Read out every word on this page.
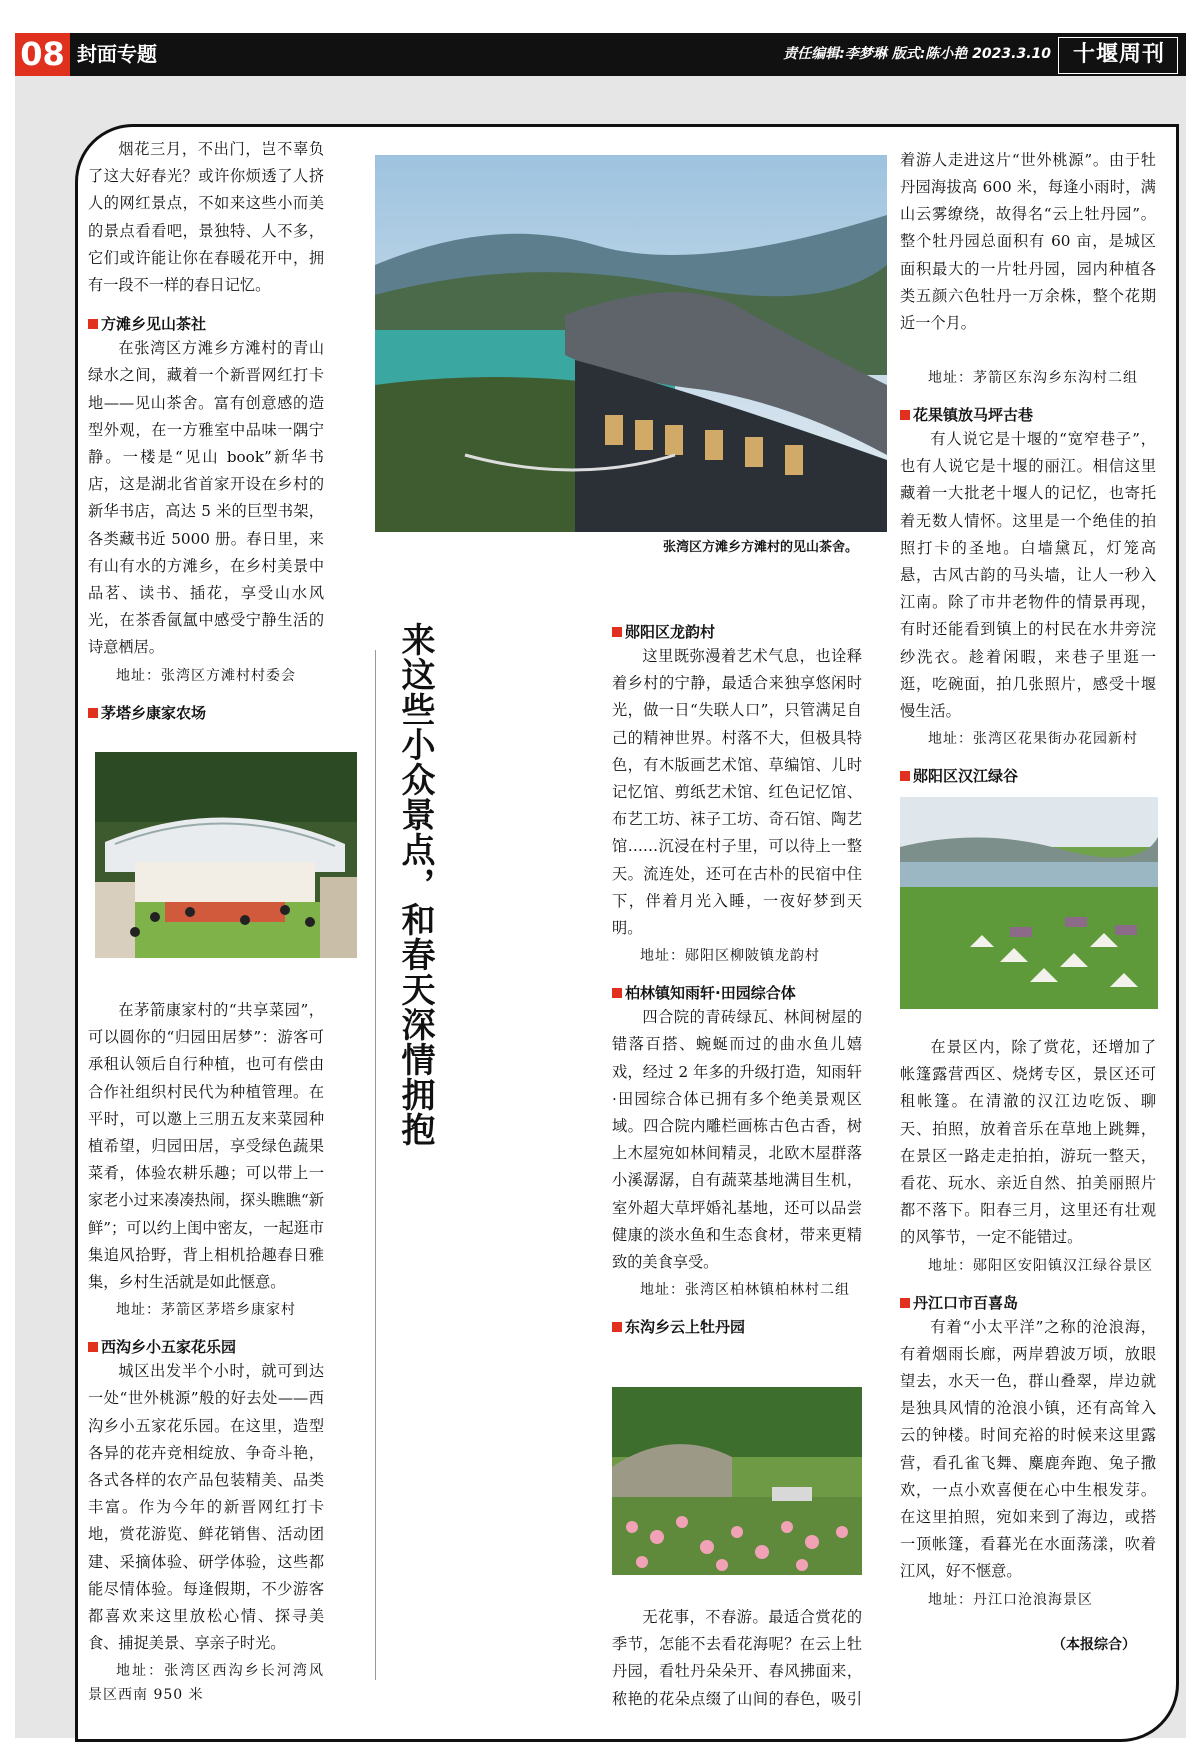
08 封面专题	责任编辑:李梦琳 版式:陈小艳 2023.3.10 十堰周刊

烟花三月，不出门，岂不辜负了这大好春光？或许你烦透了人挤人的网红景点，不如来这些小而美的景点看看吧，景独特、人不多，它们或许能让你在春暖花开中，拥有一段不一样的春日记忆。

方滩乡见山茶社

在张湾区方滩乡方滩村的青山绿水之间，藏着一个新晋网红打卡地——见山茶舍。富有创意感的造型外观，在一方雅室中品味一隅宁静。一楼是“见山 book”新华书店，这是湖北省首家开设在乡村的新华书店，高达 5 米的巨型书架，各类藏书近 5000 册。春日里，来有山有水的方滩乡，在乡村美景中品茗、读书、插花，享受山水风光，在茶香氤氲中感受宁静生活的诗意栖居。

地址：张湾区方滩村村委会
茅塔乡康家农场

在茅箭康家村的“共享菜园”，可以圆你的“归园田居梦”：游客可承租认领后自行种植，也可有偿由合作社组织村民代为种植管理。在平时，可以邀上三朋五友来菜园种植希望，归园田居，享受绿色蔬果菜肴，体验农耕乐趣；可以带上一家老小过来凑凑热闹，探头瞧瞧“新鲜”；可以约上闺中密友，一起逛市集追风拾野，背上相机拾趣春日雅集，乡村生活就是如此惬意。

地址：茅箭区茅塔乡康家村
西沟乡小五家花乐园

城区出发半个小时，就可到达一处“世外桃源”般的好去处——西沟乡小五家花乐园。在这里，造型各异的花卉竞相绽放、争奇斗艳，各式各样的农产品包装精美、品类丰富。作为今年的新晋网红打卡地，赏花游览、鲜花销售、活动团建、采摘体验、研学体验，这些都能尽情体验。每逢假期，不少游客都喜欢来这里放松心情、探寻美食、捕捉美景、享亲子时光。

地址：张湾区西沟乡长河湾风景区西南 950 米
张湾区方滩乡方滩村的见山茶舍。
来这些小众景点，和春天深情拥抱	郧阳区龙韵村

这里既弥漫着艺术气息，也诠释着乡村的宁静，最适合来独享悠闲时光，做一日“失联人口”，只管满足自己的精神世界。村落不大，但极具特色，有木版画艺术馆、草编馆、儿时记忆馆、剪纸艺术馆、红色记忆馆、布艺工坊、袜子工坊、奇石馆、陶艺馆……沉浸在村子里，可以待上一整天。流连处，还可在古朴的民宿中住下，伴着月光入睡，一夜好梦到天明。

地址：郧阳区柳陂镇龙韵村
柏林镇知雨轩·田园综合体

四合院的青砖绿瓦、林间树屋的错落百搭、蜿蜒而过的曲水鱼儿嬉戏，经过 2 年多的升级打造，知雨轩·田园综合体已拥有多个绝美景观区域。四合院内雕栏画栋古色古香，树上木屋宛如林间精灵，北欧木屋群落小溪潺潺，自有蔬菜基地满目生机，室外超大草坪婚礼基地，还可以品尝健康的淡水鱼和生态食材，带来更精致的美食享受。

地址：张湾区柏林镇柏林村二组
东沟乡云上牡丹园

无花事，不春游。最适合赏花的季节，怎能不去看花海呢？在云上牡丹园，看牡丹朵朵开、春风拂面来，秾艳的花朵点缀了山间的春色，吸引

着游人走进这片“世外桃源”。由于牡丹园海拔高 600 米，每逢小雨时，满山云雾缭绕，故得名“云上牡丹园”。整个牡丹园总面积有 60 亩，是城区面积最大的一片牡丹园，园内种植各类五颜六色牡丹一万余株，整个花期近一个月。

地址：茅箭区东沟乡东沟村二组
花果镇放马坪古巷

有人说它是十堰的“宽窄巷子”，也有人说它是十堰的丽江。相信这里藏着一大批老十堰人的记忆，也寄托着无数人情怀。这里是一个绝佳的拍照打卡的圣地。白墙黛瓦，灯笼高悬，古风古韵的马头墙，让人一秒入江南。除了市井老物件的情景再现，有时还能看到镇上的村民在水井旁浣纱洗衣。趁着闲暇，来巷子里逛一逛，吃碗面，拍几张照片，感受十堰慢生活。

地址：张湾区花果街办花园新村
郧阳区汉江绿谷

在景区内，除了赏花，还增加了帐篷露营西区、烧烤专区，景区还可租帐篷。在清澈的汉江边吃饭、聊天、拍照，放着音乐在草地上跳舞，在景区一路走走拍拍，游玩一整天，看花、玩水、亲近自然、拍美丽照片都不落下。阳春三月，这里还有壮观的风筝节，一定不能错过。

地址：郧阳区安阳镇汉江绿谷景区
丹江口市百喜岛

有着“小太平洋”之称的沧浪海，有着烟雨长廊，两岸碧波万顷，放眼望去，水天一色，群山叠翠，岸边就是独具风情的沧浪小镇，还有高耸入云的钟楼。时间充裕的时候来这里露营，看孔雀飞舞、麋鹿奔跑、兔子撒欢，一点小欢喜便在心中生根发芽。在这里拍照，宛如来到了海边，或搭一顶帐篷，看暮光在水面荡漾，吹着江风，好不惬意。

地址：丹江口沧浪海景区
（本报综合）
